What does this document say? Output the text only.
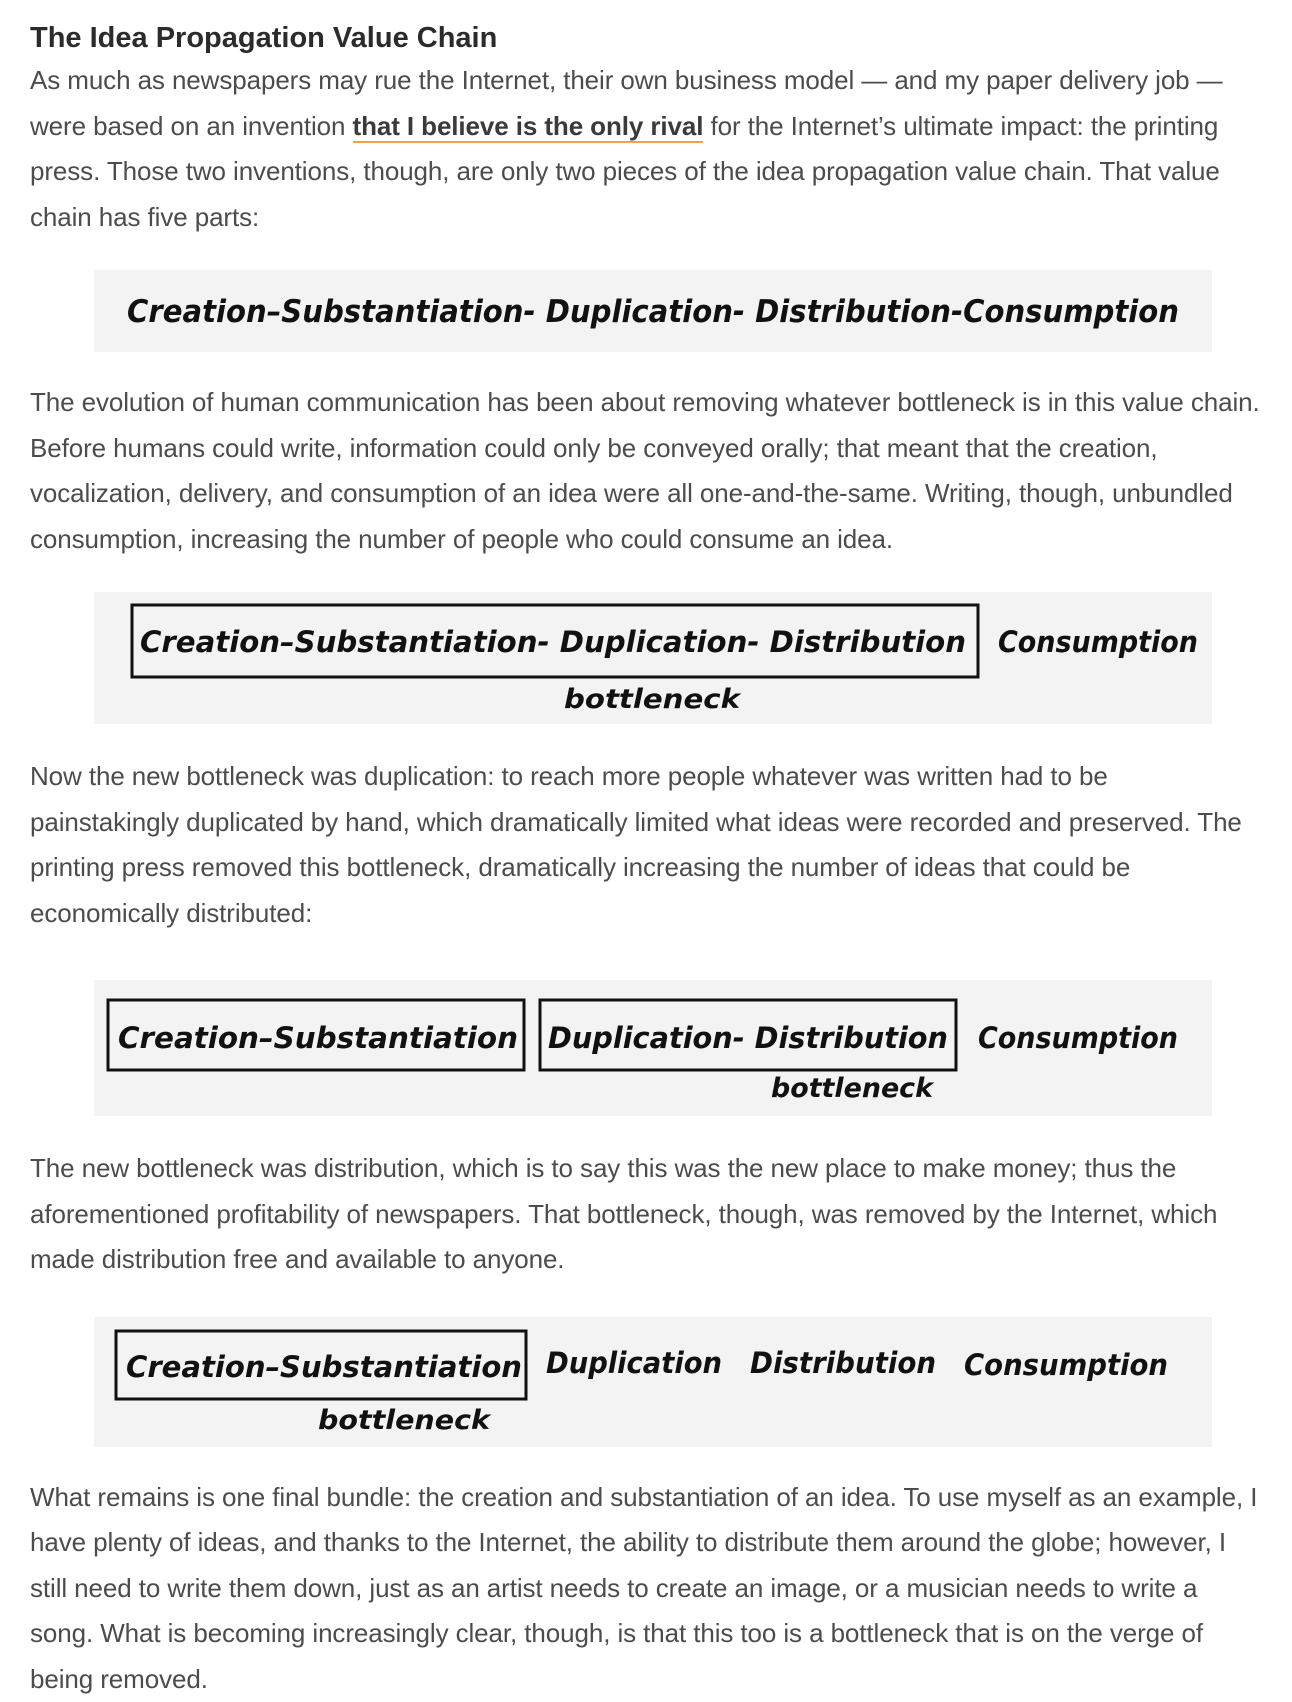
The Idea Propagation Value Chain

As much as newspapers may rue the Internet, their own business model — and my paper delivery job — were based on an invention that I believe is the only rival for the Internet’s ultimate impact: the printing press. Those two inventions, though, are only two pieces of the idea propagation value chain. That value chain has five parts:

Creation–Substantiation- Duplication- Distribution-Consumption

The evolution of human communication has been about removing whatever bottleneck is in this value chain. Before humans could write, information could only be conveyed orally; that meant that the creation, vocalization, delivery, and consumption of an idea were all one-and-the-same. Writing, though, unbundled consumption, increasing the number of people who could consume an idea.

Creation–Substantiation- Duplication- Distribution Consumption
bottleneck

Now the new bottleneck was duplication: to reach more people whatever was written had to be painstakingly duplicated by hand, which dramatically limited what ideas were recorded and preserved. The printing press removed this bottleneck, dramatically increasing the number of ideas that could be economically distributed:

Creation–Substantiation Duplication- Distribution Consumption
bottleneck

The new bottleneck was distribution, which is to say this was the new place to make money; thus the aforementioned profitability of newspapers. That bottleneck, though, was removed by the Internet, which made distribution free and available to anyone.

Creation–Substantiation Duplication Distribution Consumption
bottleneck

What remains is one final bundle: the creation and substantiation of an idea. To use myself as an example, I have plenty of ideas, and thanks to the Internet, the ability to distribute them around the globe; however, I still need to write them down, just as an artist needs to create an image, or a musician needs to write a song. What is becoming increasingly clear, though, is that this too is a bottleneck that is on the verge of being removed.
